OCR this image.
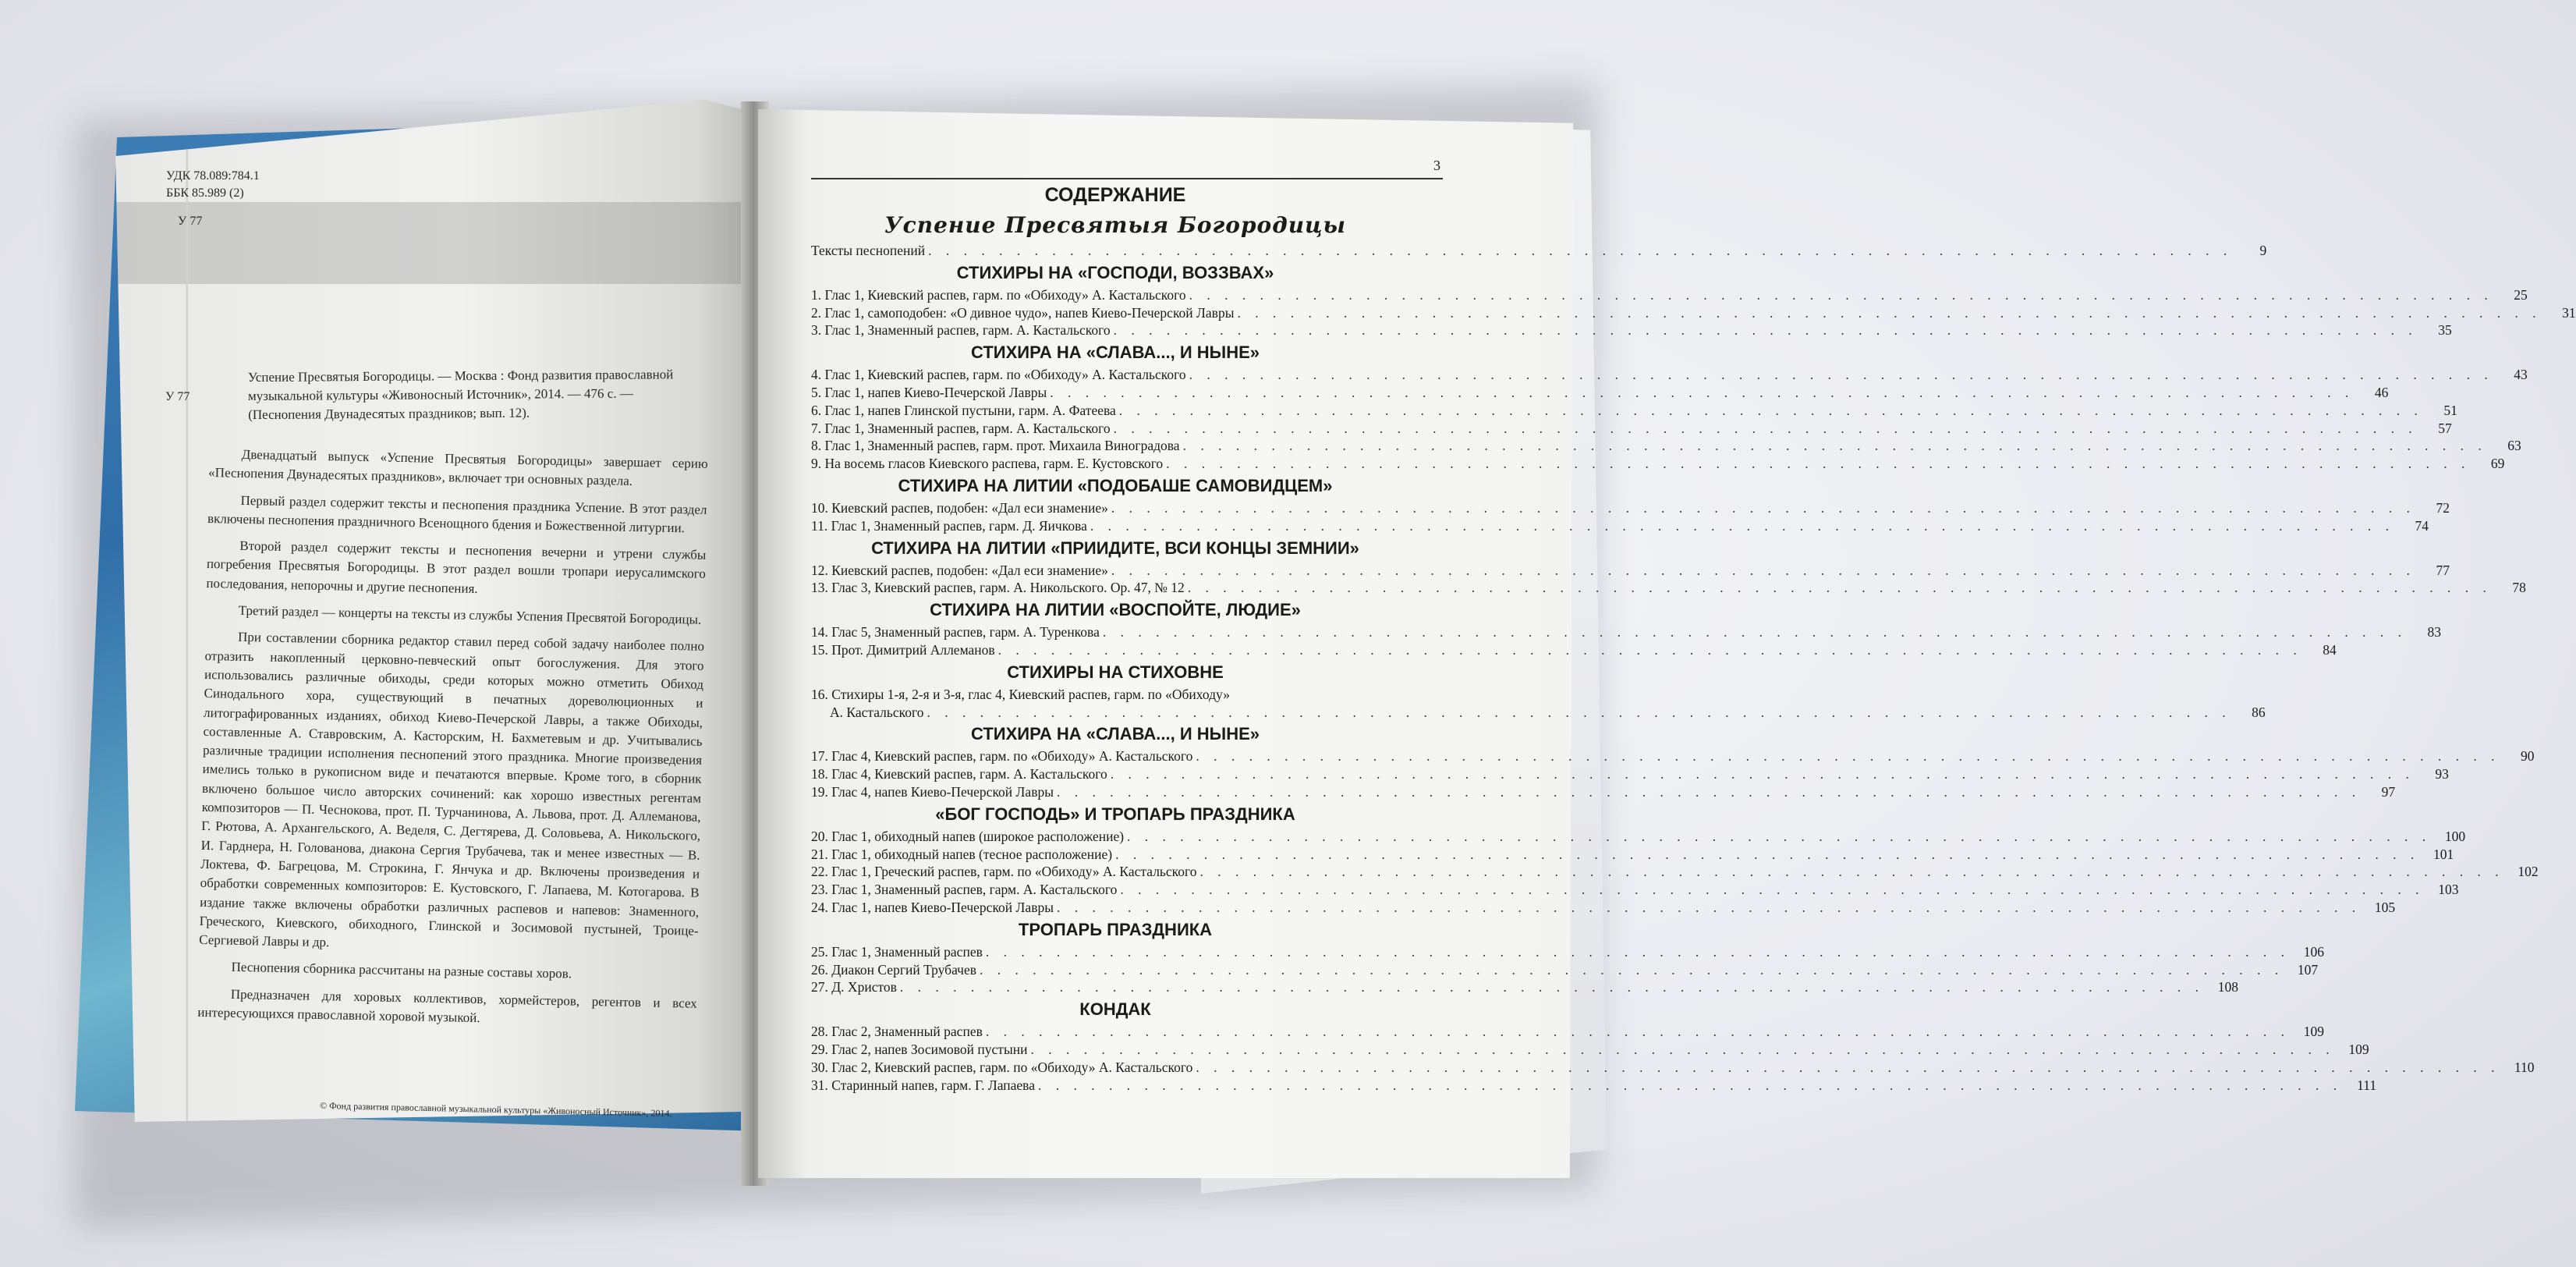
УДК 78.089:784.1
ББК 85.989 (2)
У 77
У 77
Успение Пресвятыя Богородицы. — Москва : Фонд развития православной музыкальной культуры «Живоносный Источник», 2014. — 476 с. — (Песнопения Двунадесятых праздников; вып. 12).

Двенадцатый выпуск «Успение Пресвятыя Богородицы» завершает серию «Песнопения Двунадесятых праздников», включает три основных раздела.

Первый раздел содержит тексты и песнопения праздника Успение. В этот раздел включены песнопения праздничного Всенощного бдения и Божественной литургии.

Второй раздел содержит тексты и песнопения вечерни и утрени службы погребения Пресвятыя Богородицы. В этот раздел вошли тропари иерусалимского последования, непорочны и другие песнопения.

Третий раздел — концерты на тексты из службы Успения Пресвятой Богородицы.

При составлении сборника редактор ставил перед собой задачу наиболее полно отразить накопленный церковно-певческий опыт богослужения. Для этого использовались различные обиходы, среди которых можно отметить Обиход Синодального хора, существующий в печатных дореволюционных и литографированных изданиях, обиход Киево-Печерской Лавры, а также Обиходы, составленные А. Ставровским, А. Касторским, Н. Бахметевым и др. Учитывались различные традиции исполнения песнопений этого праздника. Многие произведения имелись только в рукописном виде и печатаются впервые. Кроме того, в сборник включено большое число авторских сочинений: как хорошо известных регентам композиторов — П. Чеснокова, прот. П. Турчанинова, А. Львова, прот. Д. Аллеманова, Г. Рютова, А. Архангельского, А. Веделя, С. Дегтярева, Д. Соловьева, А. Никольского, И. Гарднера, Н. Голованова, диакона Сергия Трубачева, так и менее известных — В. Локтева, Ф. Багрецова, М. Строкина, Г. Янчука и др. Включены произведения и обработки современных композиторов: Е. Кустовского, Г. Лапаева, М. Котогарова. В издание также включены обработки различных распевов и напевов: Знаменного, Греческого, Киевского, обиходного, Глинской и Зосимовой пустыней, Троице-Сергиевой Лавры и др.

Песнопения сборника рассчитаны на разные составы хоров.

Предназначен для хоровых коллективов, хормейстеров, регентов и всех интересующихся православной хоровой музыкой.

© Фонд развития православной музыкальной культуры «Живоносный Источник», 2014.
3
СОДЕРЖАНИЕ
Успение Пресвятыя Богородицы
Тексты песнопений . . .	9
СТИХИРЫ НА «ГОСПОДИ, ВОЗЗВАХ»
1. Глас 1, Киевский распев, гарм. по «Обиходу» А. Кастальского . . .	25
2. Глас 1, самоподобен: «О дивное чудо», напев Киево-Печерской Лавры . . .	31
3. Глас 1, Знаменный распев, гарм. А. Кастальского . . .	35
СТИХИРА НА «СЛАВА..., И НЫНЕ»
4. Глас 1, Киевский распев, гарм. по «Обиходу» А. Кастальского . . .	43
5. Глас 1, напев Киево-Печерской Лавры . . .	46
6. Глас 1, напев Глинской пустыни, гарм. А. Фатеева . . .	51
7. Глас 1, Знаменный распев, гарм. А. Кастальского . . .	57
8. Глас 1, Знаменный распев, гарм. прот. Михаила Виноградова . . .	63
9. На восемь гласов Киевского распева, гарм. Е. Кустовского . . .	69
СТИХИРА НА ЛИТИИ «ПОДОБАШЕ САМОВИДЦЕМ»
10. Киевский распев, подобен: «Дал еси знамение» . . .	72
11. Глас 1, Знаменный распев, гарм. Д. Яичкова . . .	74
СТИХИРА НА ЛИТИИ «ПРИИДИТЕ, ВСИ КОНЦЫ ЗЕМНИИ»
12. Киевский распев, подобен: «Дал еси знамение» . . .	77
13. Глас 3, Киевский распев, гарм. А. Никольского. Ор. 47, № 12 . . .	78
СТИХИРА НА ЛИТИИ «ВОСПОЙТЕ, ЛЮДИЕ»
14. Глас 5, Знаменный распев, гарм. А. Туренкова . . .	83
15. Прот. Димитрий Аллеманов . . .	84
СТИХИРЫ НА СТИХОВНЕ
16. Стихиры 1-я, 2-я и 3-я, глас 4, Киевский распев, гарм. по «Обиходу»
А. Кастальского . . .	86
СТИХИРА НА «СЛАВА..., И НЫНЕ»
17. Глас 4, Киевский распев, гарм. по «Обиходу» А. Кастальского . . .	90
18. Глас 4, Киевский распев, гарм. А. Кастальского . . .	93
19. Глас 4, напев Киево-Печерской Лавры . . .	97
«БОГ ГОСПОДЬ» И ТРОПАРЬ ПРАЗДНИКА
20. Глас 1, обиходный напев (широкое расположение) . . .	100
21. Глас 1, обиходный напев (тесное расположение) . . .	101
22. Глас 1, Греческий распев, гарм. по «Обиходу» А. Кастальского . . .	102
23. Глас 1, Знаменный распев, гарм. А. Кастальского . . .	103
24. Глас 1, напев Киево-Печерской Лавры . . .	105
ТРОПАРЬ ПРАЗДНИКА
25. Глас 1, Знаменный распев . . .	106
26. Диакон Сергий Трубачев . . .	107
27. Д. Христов . . .	108
КОНДАК
28. Глас 2, Знаменный распев . . .	109
29. Глас 2, напев Зосимовой пустыни . . .	109
30. Глас 2, Киевский распев, гарм. по «Обиходу» А. Кастальского . . .	110
31. Старинный напев, гарм. Г. Лапаева . . .	111
